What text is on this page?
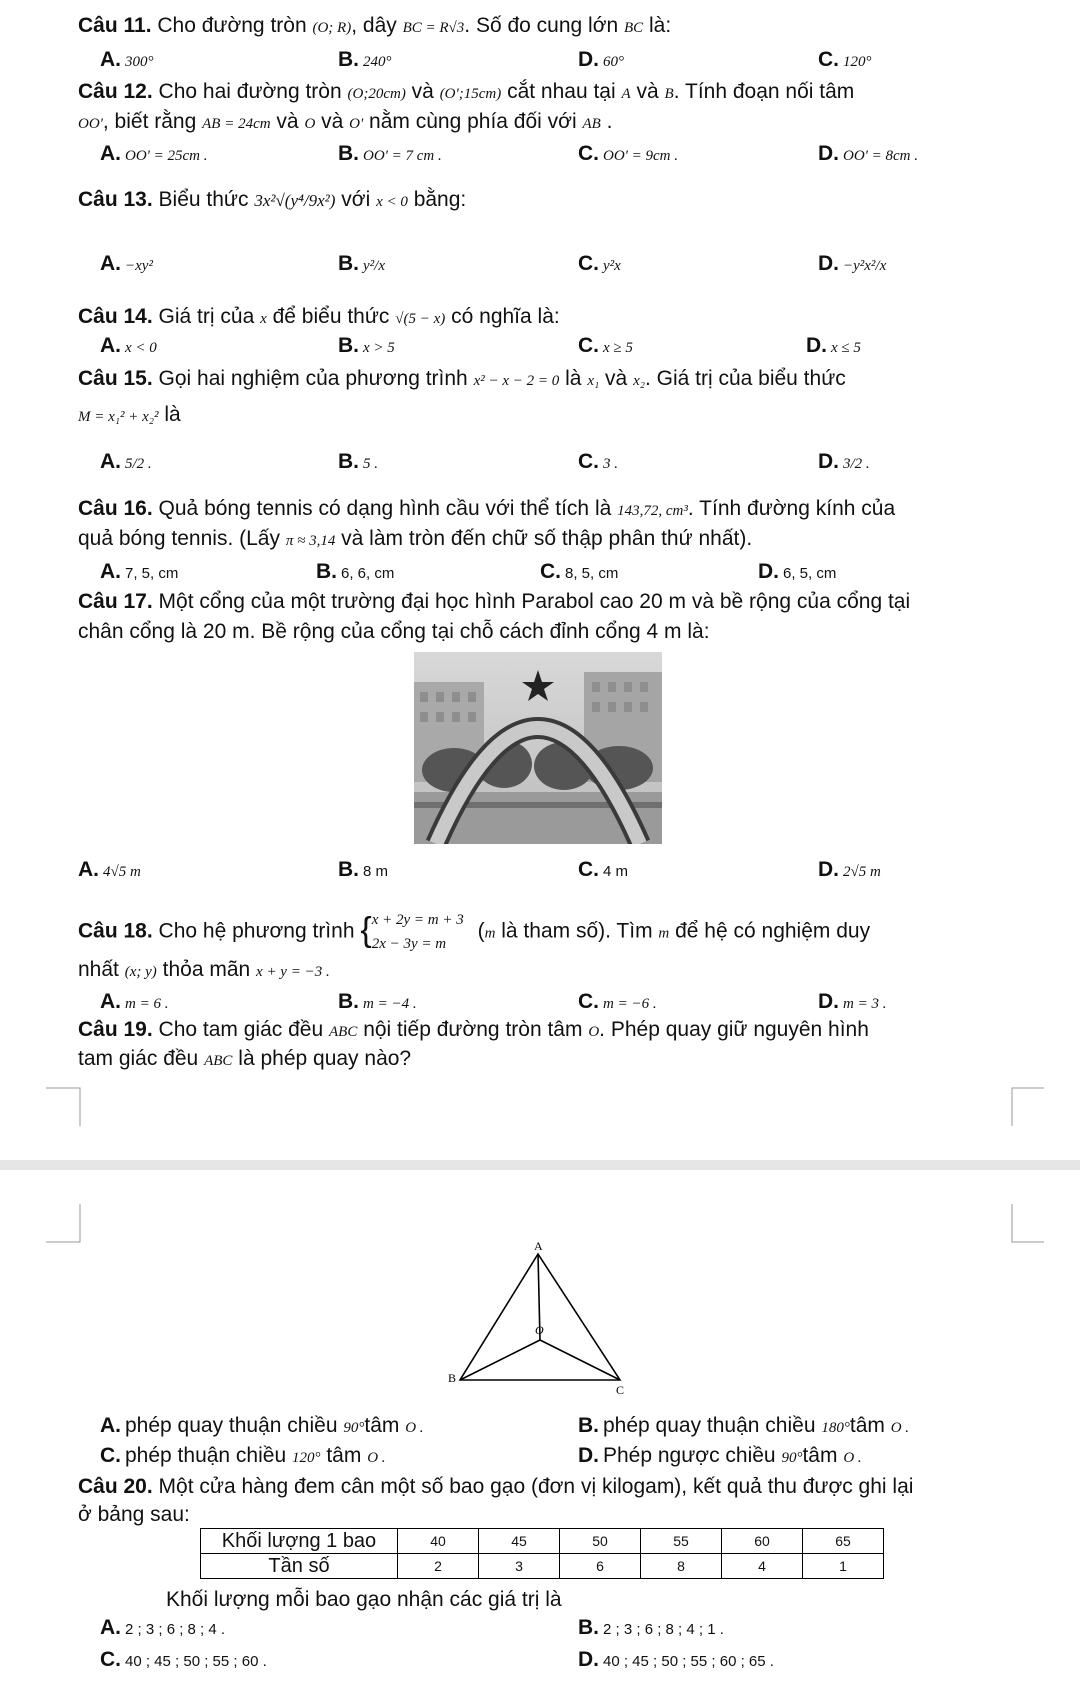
Câu 11. Cho đường tròn (O; R), dây BC = R√3. Số đo cung lớn BC là:
A. 300°	B. 240°	D. 60°	C. 120°
Câu 12. Cho hai đường tròn (O;20cm) và (O';15cm) cắt nhau tại A và B. Tính đoạn nối tâm
OO', biết rằng AB = 24cm và O và O' nằm cùng phía đối với AB .
A. OO' = 25cm .	B. OO' = 7 cm .	C. OO' = 9cm .	D. OO' = 8cm .
Câu 13. Biểu thức 3x²√(y⁴/9x²) với x < 0 bằng:
A. −xy²	B. y²/x	C. y²x	D. −y²x²/x
Câu 14. Giá trị của x để biểu thức √(5 − x) có nghĩa là:
A. x < 0	B. x > 5	C. x ≥ 5	D. x ≤ 5
Câu 15. Gọi hai nghiệm của phương trình x² − x − 2 = 0 là x₁ và x₂. Giá trị của biểu thức
M = x₁² + x₂² là
A. 5/2 .	B. 5 .	C. 3 .	D. 3/2 .
Câu 16. Quả bóng tennis có dạng hình cầu với thể tích là 143,72, cm³. Tính đường kính của
quả bóng tennis. (Lấy π ≈ 3,14 và làm tròn đến chữ số thập phân thứ nhất).
A. 7, 5, cm	B. 6, 6, cm	C. 8, 5, cm	D. 6, 5, cm
Câu 17. Một cổng của một trường đại học hình Parabol cao 20 m và bề rộng của cổng tại
chân cổng là 20 m. Bề rộng của cổng tại chỗ cách đỉnh cổng 4 m là:
A. 4√5 m	B. 8 m	C. 4 m	D. 2√5 m
Câu 18. Cho hệ phương trình { x + 2y = m + 3
2x − 3y = m
(m là tham số). Tìm m để hệ có nghiệm duy
nhất (x; y) thỏa mãn x + y = −3 .
A. m = 6 .	B. m = −4 .	C. m = −6 .	D. m = 3 .
Câu 19. Cho tam giác đều ABC nội tiếp đường tròn tâm O. Phép quay giữ nguyên hình
tam giác đều ABC là phép quay nào?
A
O
B
C
A. phép quay thuận chiều 90°tâm O .	B. phép quay thuận chiều 180°tâm O .
C. phép thuận chiều 120° tâm O .	D. Phép ngược chiều 90°tâm O .
Câu 20. Một cửa hàng đem cân một số bao gạo (đơn vị kilogam), kết quả thu được ghi lại
ở bảng sau:
Khối lượng 1 bao	40	45	50	55	60	65
Tần số	2	3	6	8	4	1
Khối lượng mỗi bao gạo nhận các giá trị là
A. 2 ; 3 ; 6 ; 8 ; 4 .	B. 2 ; 3 ; 6 ; 8 ; 4 ; 1 .
C. 40 ; 45 ; 50 ; 55 ; 60 .	D. 40 ; 45 ; 50 ; 55 ; 60 ; 65 .
